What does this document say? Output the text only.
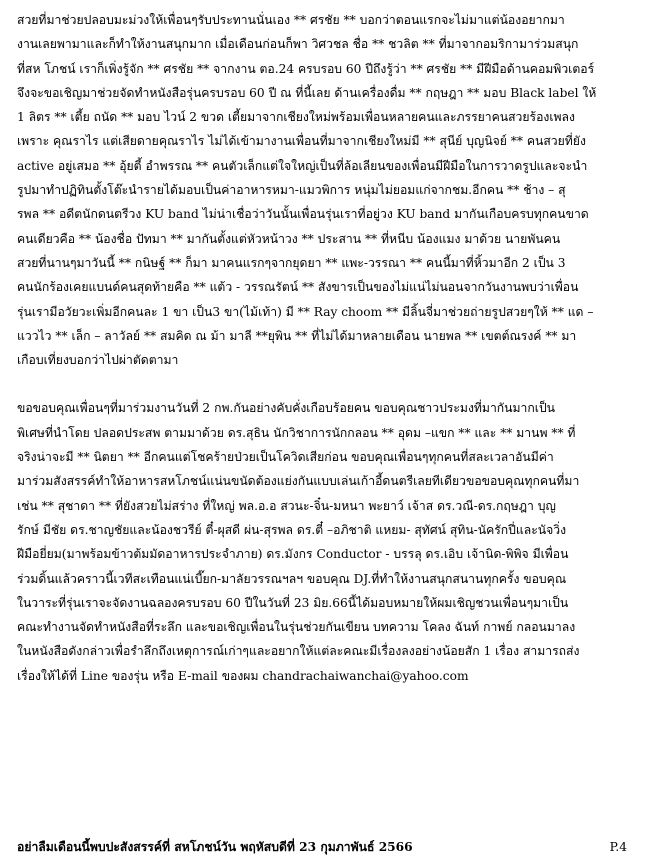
สวยที่มาช่วยปลอบมะม่วงให้เพื่อนๆรับประทานนั่นเอง ** ศรชัย ** บอกว่าตอนแรกจะไม่มาแต่น้องอยากมา
งานเลยพามาและก็ทำให้งานสนุกมาก เมื่อเดือนก่อนก็พา วิศวชล ชื่อ ** ชวลิต ** ที่มาจากอมริกามาร่วมสนุก
ที่สห โภชน์ เราก็เพิ่งรู้จัก ** ศรชัย ** จากงาน ตอ.24 ครบรอบ 60 ปีถึงรู้ว่า ** ศรชัย ** มีฝีมือด้านคอมพิวเตอร์
จึงจะขอเชิญมาช่วยจัดทำหนังสือรุ่นครบรอบ 60 ปี ณ ที่นี้เลย ด้านเครื่องดื่ม ** กฤษฎา ** มอบ Black label ให้
1 ลิตร ** เตี้ย ถนัด ** มอบ ไวน์ 2 ขวด เตี้ยมาจากเชียงใหม่พร้อมเพื่อนหลายคนและภรรยาคนสวยร้องเพลง
เพราะ คุณราไร แต่เสียดายคุณราไร ไม่ได้เข้ามางานเพื่อนที่มาจากเชียงใหม่มี ** สุนีย์ บุญนิจย์ ** คนสวยที่ยัง
active อยู่เสมอ ** อุ้ยตี้ อำพรรณ ** คนตัวเล็กแต่ใจใหญ่เป็นที่ล้อเลียนของเพื่อนมีฝีมือในการวาดรูปและจะนำ
รูปมาทำปฏิทินตั้งโต๊ะนำรายได้มอบเป็นค่าอาหารหมา-แมวพิการ หนุ่มไม่ยอมแก่จากชม.อีกคน ** ช้าง – สุ
รพล ** อดีตนักดนตรีวง KU band ไม่น่าเชื่อว่าวันนั้นเพื่อนรุ่นเราที่อยู่วง KU band มากันเกือบครบทุกคนขาด
คนเดียวคือ ** น้องชื่อ ปัทมา ** มากันตั้งแต่หัวหน้าวง ** ประสาน ** ที่หนีบ น้องแมง มาด้วย นายพันคน
สวยที่นานๆมาวันนี้ ** กนิษฐ์ ** ก็มา มาคนแรกๆจากยุดยา ** แพะ-วรรณา ** คนนี้มาที่หิ้วมาอีก 2 เป็น 3
คนนักร้องเคยแบนด์คนสุดท้ายคือ ** แต้ว - วรรณรัตน์ ** สังขารเป็นของไม่แน่ไม่นอนจากวันงานพบว่าเพื่อน
รุ่นเรามีอวัยวะเพิ่มอีกคนละ 1 ขา เป็น3 ขา(ไม้เท้า) มี ** Ray choom ** มีลิ้นจี่มาช่วยถ่ายรูปสวยๆให้ ** แด –
แววไว ** เล็ก – ลาวัลย์ ** สมคิด ณ ม้า มาลี **ยุพิน ** ที่ไม่ได้มาหลายเดือน นายพล ** เขตต์ณรงค์ ** มา
เกือบเที่ยงบอกว่าไปผ่าตัดตามา
ขอขอบคุณเพื่อนๆที่มาร่วมงานวันที่ 2 กพ.กันอย่างคับคั่งเกือบร้อยคน ขอบคุณชาวประมงที่มากันมากเป็น
พิเศษที่นำโดย ปลอดประสพ ตามมาด้วย ดร.สุธิน นักวิชาการนักกลอน ** อุดม –แขก ** และ ** มานพ ** ที่
จริงน่าจะมี ** นิตยา ** อีกคนแต่โชคร้ายป่วยเป็นโควิดเสียก่อน ขอบคุณเพื่อนๆทุกคนที่สละเวลาอันมีค่า
มาร่วมสังสรรค์ทำให้อาหารสหโภชน์แน่นขนัดต้องแย่งกันแบบเล่นเก้าอี้ดนตรีเลยทีเดียวขอขอบคุณทุกคนที่มา
เช่น ** สุชาดา ** ที่ยังสวยไม่สร่าง ที่ใหญ่ พล.อ.อ สวนะ-จิ๋น-มหนา พะยาว์ เจ้าส ดร.วณี-ดร.กฤษฎา บุญ
รักษ์ มีชัย ดร.ชาญชัยและน้องชวรีย์ ตี๋-ผุสดี ผ่น-สุรพล ดร.ตี๋ –อภิชาติ แหยม- สุทัศน์ สุทิน-นัครักปี่และนัจวิ่ง
ฝีมือยี่ยม(มาพร้อมข้าวต้มมัดอาหารประจำภาย) ดร.มังกร Conductor - บรรลุ ดร.เอิบ เจ้านิด-พิพิจ มีเพื่อน
ร่วมดิ้นแล้วคราวนี้เวทีสะเทือนแน่เบี๊ยก-มาลัยวรรณฯลฯ ขอบคุณ DJ.ที่ทำให้งานสนุกสนานทุกครั้ง ขอบคุณ
ในวาระที่รุ่นเราจะจัดงานฉลองครบรอบ 60 ปีในวันที่ 23 มิย.66นี้ได้มอบหมายให้ผมเชิญชวนเพื่อนๆมาเป็น
คณะทำงานจัดทำหนังสือที่ระลึก และขอเชิญเพื่อนในรุ่นช่วยกันเขียน บทความ โคลง ฉันท์ กาพย์ กลอนมาลง
ในหนังสือดังกล่าวเพื่อรำลึกถึงเหตุการณ์เก่าๆและอยากให้แต่ละคณะมีเรื่องลงอย่างน้อยสัก 1 เรื่อง สามารถส่ง
เรื่องให้ได้ที่ Line ของรุ่น หรือ E-mail ของผม chandrachaiwanchai@yahoo.com
อย่าลืมเดือนนี้พบปะสังสรรค์ที่ สหโภชน์วัน พฤหัสบดีที่ 23 กุมภาพันธ์ 2566	P.4
